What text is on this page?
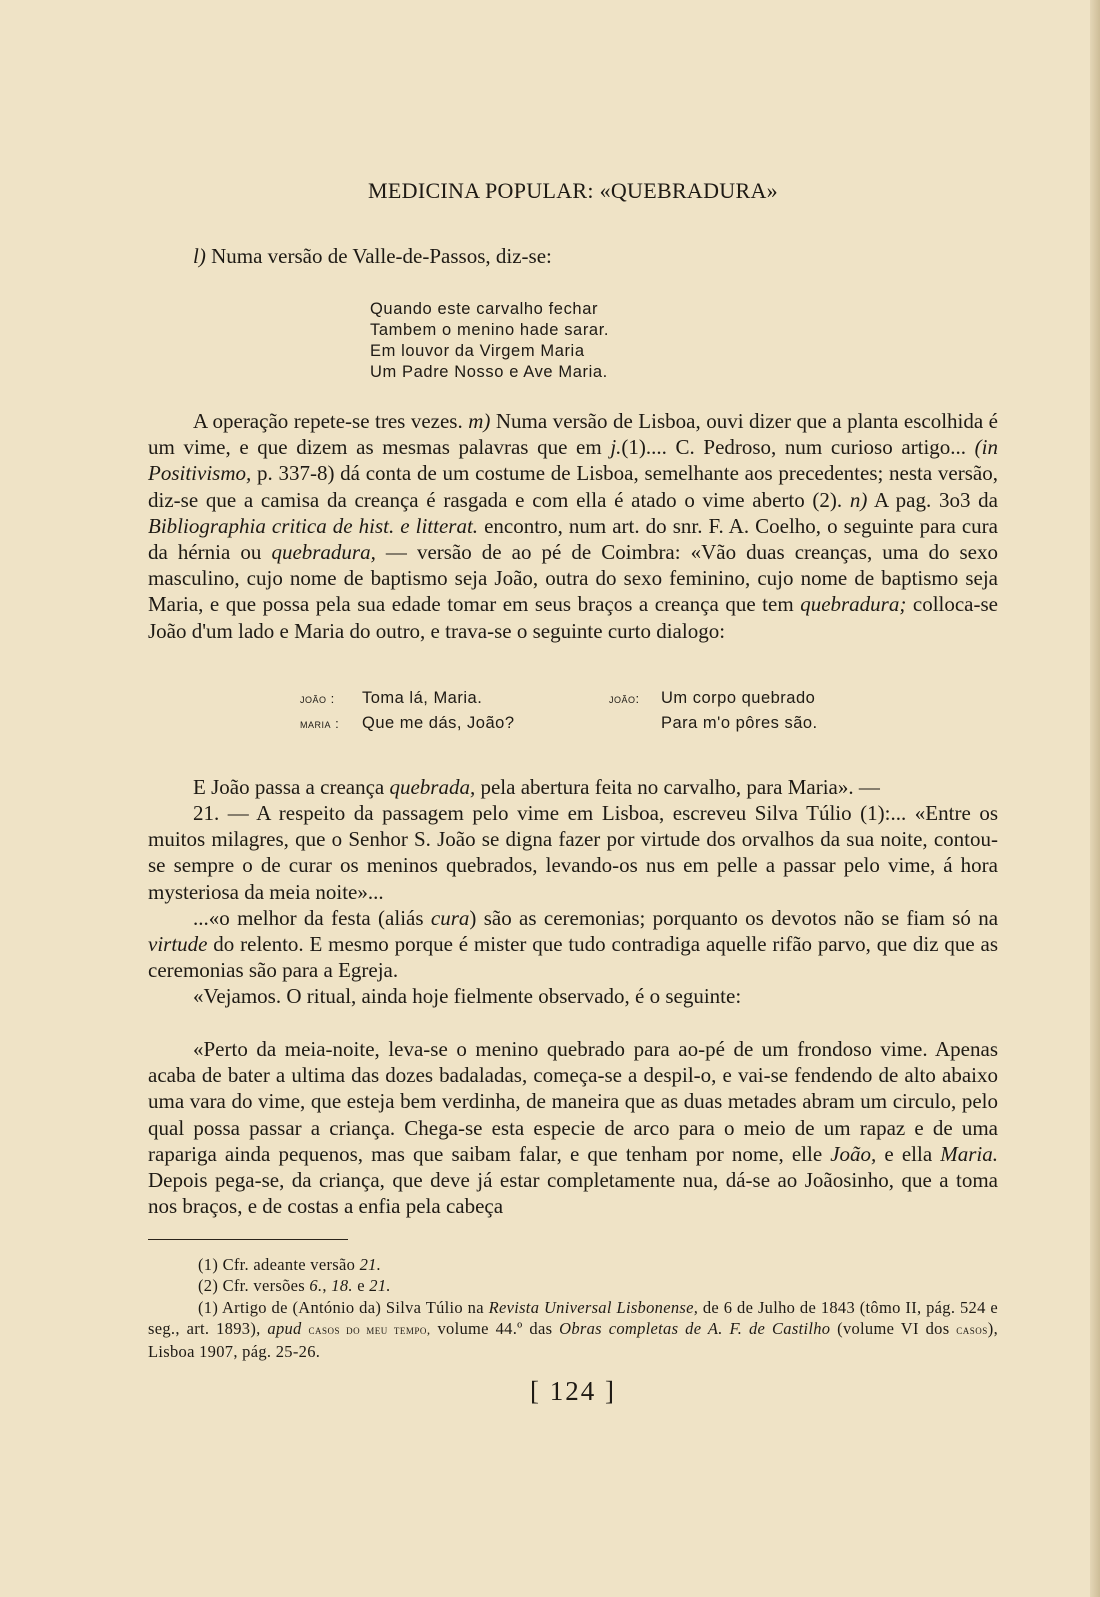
MEDICINA POPULAR: «QUEBRADURA»
l) Numa versão de Valle-de-Passos, diz-se:
Quando este carvalho fechar
Tambem o menino hade sarar.
Em louvor da Virgem Maria
Um Padre Nosso e Ave Maria.
A operação repete-se tres vezes. m) Numa versão de Lisboa, ouvi dizer que a planta escolhida é um vime, e que dizem as mesmas palavras que em j.(1).... C. Pedroso, num curioso artigo... (in Positivismo, p. 337-8) dá conta de um costume de Lisboa, semelhante aos precedentes; nesta versão, diz-se que a camisa da creança é rasgada e com ella é atado o vime aberto (2). n) A pag. 3o3 da Bibliographia critica de hist. e litterat. encontro, num art. do snr. F. A. Coelho, o seguinte para cura da hérnia ou quebradura, — versão de ao pé de Coimbra: «Vão duas creanças, uma do sexo masculino, cujo nome de baptismo seja João, outra do sexo feminino, cujo nome de baptismo seja Maria, e que possa pela sua edade tomar em seus braços a creança que tem quebradura; colloca-se João d'um lado e Maria do outro, e trava-se o seguinte curto dialogo:
joão : Toma lá, Maria.
maria : Que me dás, João?
joão: Um corpo quebrado
Para m'o pôres são.
E João passa a creança quebrada, pela abertura feita no carvalho, para Maria». —
21. — A respeito da passagem pelo vime em Lisboa, escreveu Silva Túlio (1):... «Entre os muitos milagres, que o Senhor S. João se digna fazer por virtude dos orvalhos da sua noite, contou-se sempre o de curar os meninos quebrados, levando-os nus em pelle a passar pelo vime, á hora mysteriosa da meia noite»...
...«o melhor da festa (aliás cura) são as ceremonias; porquanto os devotos não se fiam só na virtude do relento. E mesmo porque é mister que tudo contradiga aquelle rifão parvo, que diz que as ceremonias são para a Egreja.
«Vejamos. O ritual, ainda hoje fielmente observado, é o seguinte:
«Perto da meia-noite, leva-se o menino quebrado para ao-pé de um frondoso vime. Apenas acaba de bater a ultima das dozes badaladas, começa-se a despil-o, e vai-se fendendo de alto abaixo uma vara do vime, que esteja bem verdinha, de maneira que as duas metades abram um circulo, pelo qual possa passar a criança. Chega-se esta especie de arco para o meio de um rapaz e de uma rapariga ainda pequenos, mas que saibam falar, e que tenham por nome, elle João, e ella Maria. Depois pega-se, da criança, que deve já estar completamente nua, dá-se ao Joãosinho, que a toma nos braços, e de costas a enfia pela cabeça
(1) Cfr. adeante versão 21.
(2) Cfr. versões 6., 18. e 21.
(1) Artigo de (António da) Silva Túlio na Revista Universal Lisbonense, de 6 de Julho de 1843 (tômo II, pág. 524 e seg., art. 1893), apud casos do meu tempo, volume 44.º das Obras completas de A. F. de Castilho (volume VI dos casos), Lisboa 1907, pág. 25-26.
[ 124 ]
